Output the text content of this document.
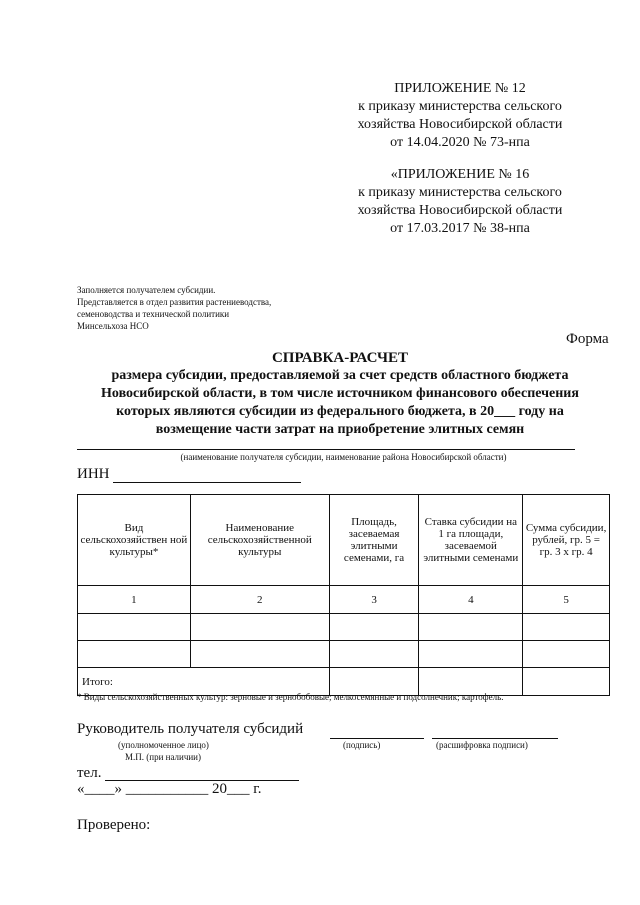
ПРИЛОЖЕНИЕ № 12
к приказу министерства сельского
хозяйства Новосибирской области
от 14.04.2020 № 73-нпа
«ПРИЛОЖЕНИЕ № 16
к приказу министерства сельского
хозяйства Новосибирской области
от 17.03.2017 № 38-нпа
Заполняется получателем субсидии.
Представляется в отдел развития растениеводства,
семеноводства и технической политики
Минсельхоза НСО
Форма
СПРАВКА-РАСЧЕТ
размера субсидии, предоставляемой за счет средств областного бюджета
Новосибирской области, в том числе источником финансового обеспечения
которых являются субсидии из федерального бюджета, в 20___ году на
возмещение части затрат на приобретение элитных семян
(наименование получателя субсидии, наименование района Новосибирской области)
ИНН
Вид сельскохозяйствен ной культуры*	Наименование сельскохозяйственной культуры	Площадь, засеваемая элитными семенами, га	Ставка субсидии на 1 га площади, засеваемой элитными семенами	Сумма субсидии, рублей, гр. 5 = гр. 3 х гр. 4
1	2	3	4	5

Итого:				
* Виды сельскохозяйственных культур: зерновые и зернобобовые; мелкосемянные и подсолнечник; картофель.
Руководитель получателя субсидий
(уполномоченное лицо)	(подпись)	(расшифровка подписи)
М.П. (при наличии)
тел.
«____» ___________ 20___ г.
Проверено:
